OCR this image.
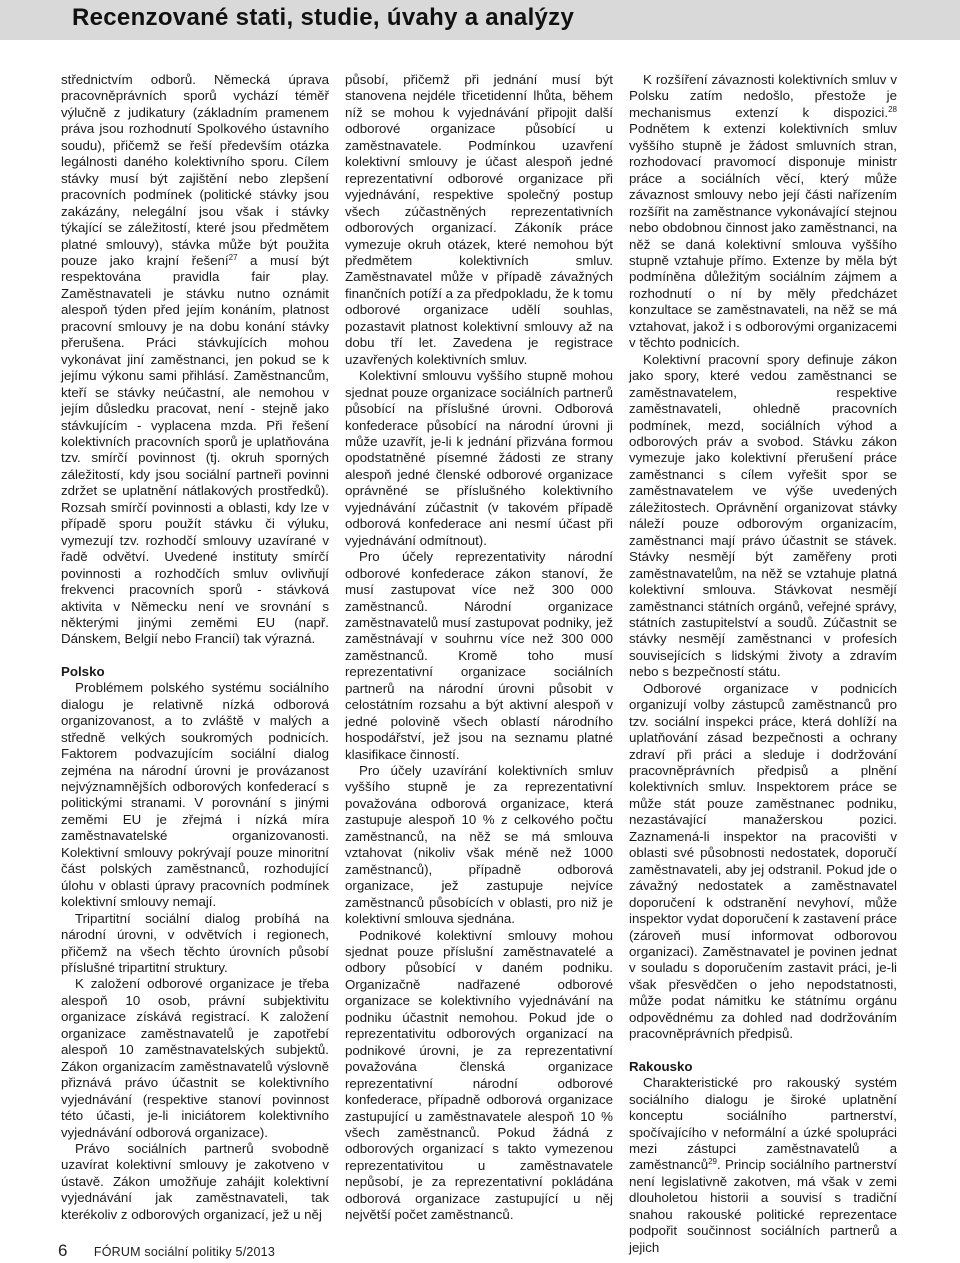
Recenzované stati, studie, úvahy a analýzy

střednictvím odborů. Německá úprava pracovněprávních sporů vychází téměř výlučně z judikatury (základním pramenem práva jsou rozhodnutí Spolkového ústavního soudu), přičemž se řeší především otázka legálnosti daného kolektivního sporu. Cílem stávky musí být zajištění nebo zlepšení pracovních podmínek (politické stávky jsou zakázány, nelegální jsou však i stávky týkající se záležitostí, které jsou předmětem platné smlouvy), stávka může být použita pouze jako krajní řešení$^{27}$ a musí být respektována pravidla fair play. Zaměstnavateli je stávku nutno oznámit alespoň týden před jejím konáním, platnost pracovní smlouvy je na dobu konání stávky přerušena. Práci stávkujících mohou vykonávat jiní zaměstnanci, jen pokud se k jejímu výkonu sami přihlásí. Zaměstnancům, kteří se stávky neúčastní, ale nemohou v jejím důsledku pracovat, není - stejně jako stávkujícím - vyplacena mzda. Při řešení kolektivních pracovních sporů je uplatňována tzv. smírčí povinnost (tj. okruh sporných záležitostí, kdy jsou sociální partneři povinni zdržet se uplatnění nátlakových prostředků). Rozsah smírčí povinnosti a oblasti, kdy lze v případě sporu použít stávku či výluku, vymezují tzv. rozhodčí smlouvy uzavírané v řadě odvětví. Uvedené instituty smírčí povinnosti a rozhodčích smluv ovlivňují frekvenci pracovních sporů - stávková aktivita v Německu není ve srovnání s některými jinými zeměmi EU (např. Dánskem, Belgií nebo Francií) tak výrazná.

Polsko

Problémem polského systému sociálního dialogu je relativně nízká odborová organizovanost, a to zvláště v malých a středně velkých soukromých podnicích. Faktorem podvazujícím sociální dialog zejména na národní úrovni je provázanost nejvýznamnějších odborových konfederací s politickými stranami. V porovnání s jinými zeměmi EU je zřejmá i nízká míra zaměstnavatelské organizovanosti. Kolektivní smlouvy pokrývají pouze minoritní část polských zaměstnanců, rozhodující úlohu v oblasti úpravy pracovních podmínek kolektivní smlouvy nemají.

Tripartitní sociální dialog probíhá na národní úrovni, v odvětvích i regionech, přičemž na všech těchto úrovních působí příslušné tripartitní struktury.

K založení odborové organizace je třeba alespoň 10 osob, právní subjektivitu organizace získává registrací. K založení organizace zaměstnavatelů je zapotřebí alespoň 10 zaměstnavatelských subjektů. Zákon organizacím zaměstnavatelů výslovně přiznává právo účastnit se kolektivního vyjednávání (respektive stanoví povinnost této účasti, je-li iniciátorem kolektivního vyjednávání odborová organizace).

Právo sociálních partnerů svobodně uzavírat kolektivní smlouvy je zakotveno v ústavě. Zákon umožňuje zahájit kolektivní vyjednávání jak zaměstnavateli, tak kterékoliv z odborových organizací, jež u něj

působí, přičemž při jednání musí být stanovena nejdéle třicetidenní lhůta, během níž se mohou k vyjednávání připojit další odborové organizace působící u zaměstnavatele. Podmínkou uzavření kolektivní smlouvy je účast alespoň jedné reprezentativní odborové organizace při vyjednávání, respektive společný postup všech zúčastněných reprezentativních odborových organizací. Zákoník práce vymezuje okruh otázek, které nemohou být předmětem kolektivních smluv. Zaměstnavatel může v případě závažných finančních potíží a za předpokladu, že k tomu odborové organizace udělí souhlas, pozastavit platnost kolektivní smlouvy až na dobu tří let. Zavedena je registrace uzavřených kolektivních smluv.

Kolektivní smlouvu vyššího stupně mohou sjednat pouze organizace sociálních partnerů působící na příslušné úrovni. Odborová konfederace působící na národní úrovni ji může uzavřít, je-li k jednání přizvána formou opodstatněné písemné žádosti ze strany alespoň jedné členské odborové organizace oprávněné se příslušného kolektivního vyjednávání zúčastnit (v takovém případě odborová konfederace ani nesmí účast při vyjednávání odmítnout).

Pro účely reprezentativity národní odborové konfederace zákon stanoví, že musí zastupovat více než 300 000 zaměstnanců. Národní organizace zaměstnavatelů musí zastupovat podniky, jež zaměstnávají v souhrnu více než 300 000 zaměstnanců. Kromě toho musí reprezentativní organizace sociálních partnerů na národní úrovni působit v celostátním rozsahu a být aktivní alespoň v jedné polovině všech oblastí národního hospodářství, jež jsou na seznamu platné klasifikace činností.

Pro účely uzavírání kolektivních smluv vyššího stupně je za reprezentativní považována odborová organizace, která zastupuje alespoň 10 % z celkového počtu zaměstnanců, na něž se má smlouva vztahovat (nikoliv však méně než 1000 zaměstnanců), případně odborová organizace, jež zastupuje nejvíce zaměstnanců působících v oblasti, pro niž je kolektivní smlouva sjednána.

Podnikové kolektivní smlouvy mohou sjednat pouze příslušní zaměstnavatelé a odbory působící v daném podniku. Organizačně nadřazené odborové organizace se kolektivního vyjednávání na podniku účastnit nemohou. Pokud jde o reprezentativitu odborových organizací na podnikové úrovni, je za reprezentativní považována členská organizace reprezentativní národní odborové konfederace, případně odborová organizace zastupující u zaměstnavatele alespoň 10 % všech zaměstnanců. Pokud žádná z odborových organizací s takto vymezenou reprezentativitou u zaměstnavatele nepůsobí, je za reprezentativní pokládána odborová organizace zastupující u něj největší počet zaměstnanců.

K rozšíření závaznosti kolektivních smluv v Polsku zatím nedošlo, přestože je mechanismus extenzí k dispozici.$^{28}$ Podnětem k extenzi kolektivních smluv vyššího stupně je žádost smluvních stran, rozhodovací pravomocí disponuje ministr práce a sociálních věcí, který může závaznost smlouvy nebo její části nařízením rozšířit na zaměstnance vykonávající stejnou nebo obdobnou činnost jako zaměstnanci, na něž se daná kolektivní smlouva vyššího stupně vztahuje přímo. Extenze by měla být podmíněna důležitým sociálním zájmem a rozhodnutí o ní by měly předcházet konzultace se zaměstnavateli, na něž se má vztahovat, jakož i s odborovými organizacemi v těchto podnicích.

Kolektivní pracovní spory definuje zákon jako spory, které vedou zaměstnanci se zaměstnavatelem, respektive zaměstnavateli, ohledně pracovních podmínek, mezd, sociálních výhod a odborových práv a svobod. Stávku zákon vymezuje jako kolektivní přerušení práce zaměstnanci s cílem vyřešit spor se zaměstnavatelem ve výše uvedených záležitostech. Oprávnění organizovat stávky náleží pouze odborovým organizacím, zaměstnanci mají právo účastnit se stávek. Stávky nesmějí být zaměřeny proti zaměstnavatelům, na něž se vztahuje platná kolektivní smlouva. Stávkovat nesmějí zaměstnanci státních orgánů, veřejné správy, státních zastupitelství a soudů. Zúčastnit se stávky nesmějí zaměstnanci v profesích souvisejících s lidskými životy a zdravím nebo s bezpečností státu.

Odborové organizace v podnicích organizují volby zástupců zaměstnanců pro tzv. sociální inspekci práce, která dohlíží na uplatňování zásad bezpečnosti a ochrany zdraví při práci a sleduje i dodržování pracovněprávních předpisů a plnění kolektivních smluv. Inspektorem práce se může stát pouze zaměstnanec podniku, nezastávající manažerskou pozici. Zaznamená-li inspektor na pracovišti v oblasti své působnosti nedostatek, doporučí zaměstnavateli, aby jej odstranil. Pokud jde o závažný nedostatek a zaměstnavatel doporučení k odstranění nevyhoví, může inspektor vydat doporučení k zastavení práce (zároveň musí informovat odborovou organizaci). Zaměstnavatel je povinen jednat v souladu s doporučením zastavit práci, je-li však přesvědčen o jeho nepodstatnosti, může podat námitku ke státnímu orgánu odpovědnému za dohled nad dodržováním pracovněprávních předpisů.

Rakousko

Charakteristické pro rakouský systém sociálního dialogu je široké uplatnění konceptu sociálního partnerství, spočívajícího v neformální a úzké spolupráci mezi zástupci zaměstnavatelů a zaměstnanců$^{29}$. Princip sociálního partnerství není legislativně zakotven, má však v zemi dlouholetou historii a souvisí s tradiční snahou rakouské politické reprezentace podpořit součinnost sociálních partnerů a jejich

6 FÓRUM sociální politiky 5/2013
